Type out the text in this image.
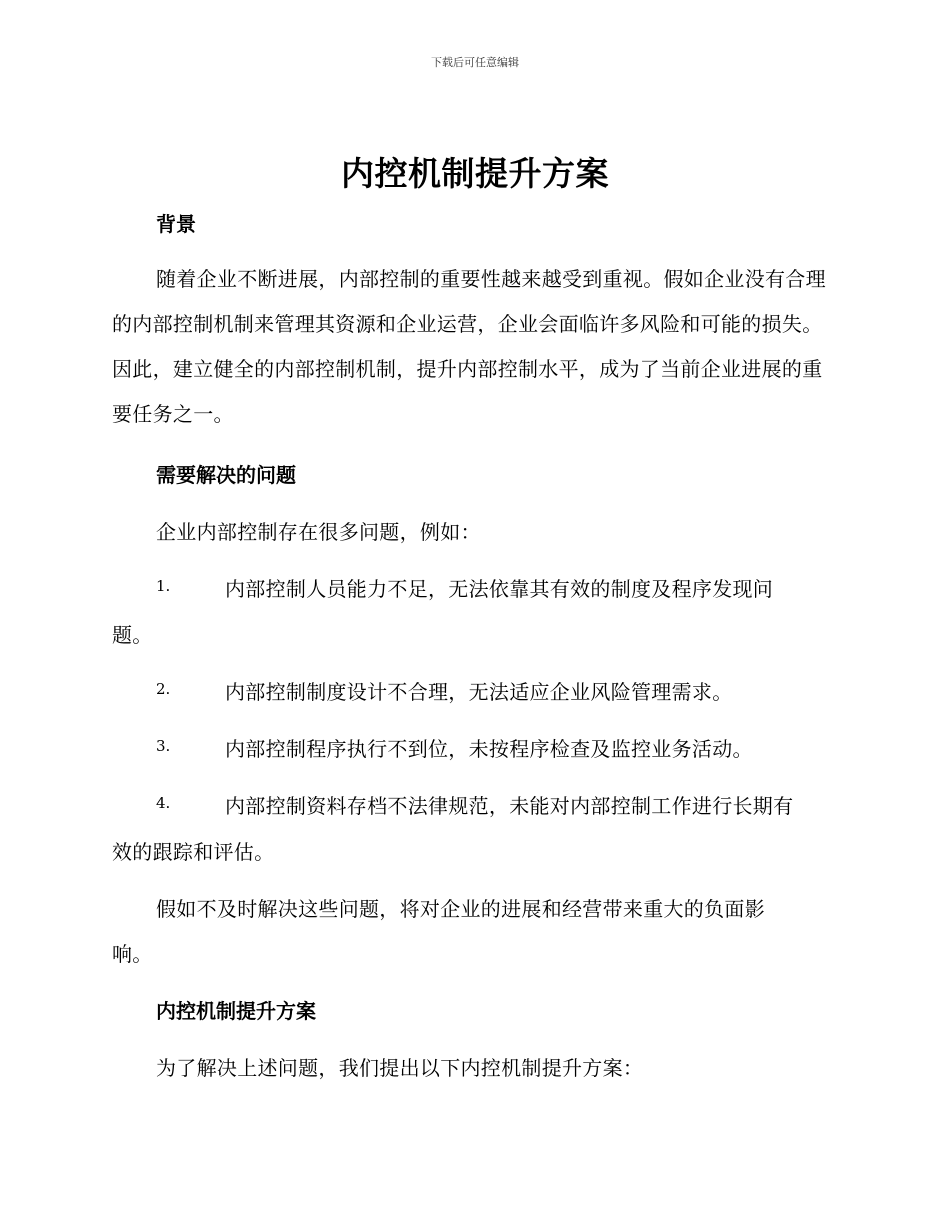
下载后可任意编辑
内控机制提升方案
背景
随着企业不断进展，内部控制的重要性越来越受到重视。假如企业没有合理的内部控制机制来管理其资源和企业运营，企业会面临许多风险和可能的损失。因此，建立健全的内部控制机制，提升内部控制水平，成为了当前企业进展的重要任务之一。
需要解决的问题
企业内部控制存在很多问题，例如：
1.	内部控制人员能力不足，无法依靠其有效的制度及程序发现问
题。
2.	内部控制制度设计不合理，无法适应企业风险管理需求。
3.	内部控制程序执行不到位，未按程序检查及监控业务活动。
4.	内部控制资料存档不法律规范，未能对内部控制工作进行长期有
效的跟踪和评估。
假如不及时解决这些问题，将对企业的进展和经营带来重大的负面影
响。
内控机制提升方案
为了解决上述问题，我们提出以下内控机制提升方案：
